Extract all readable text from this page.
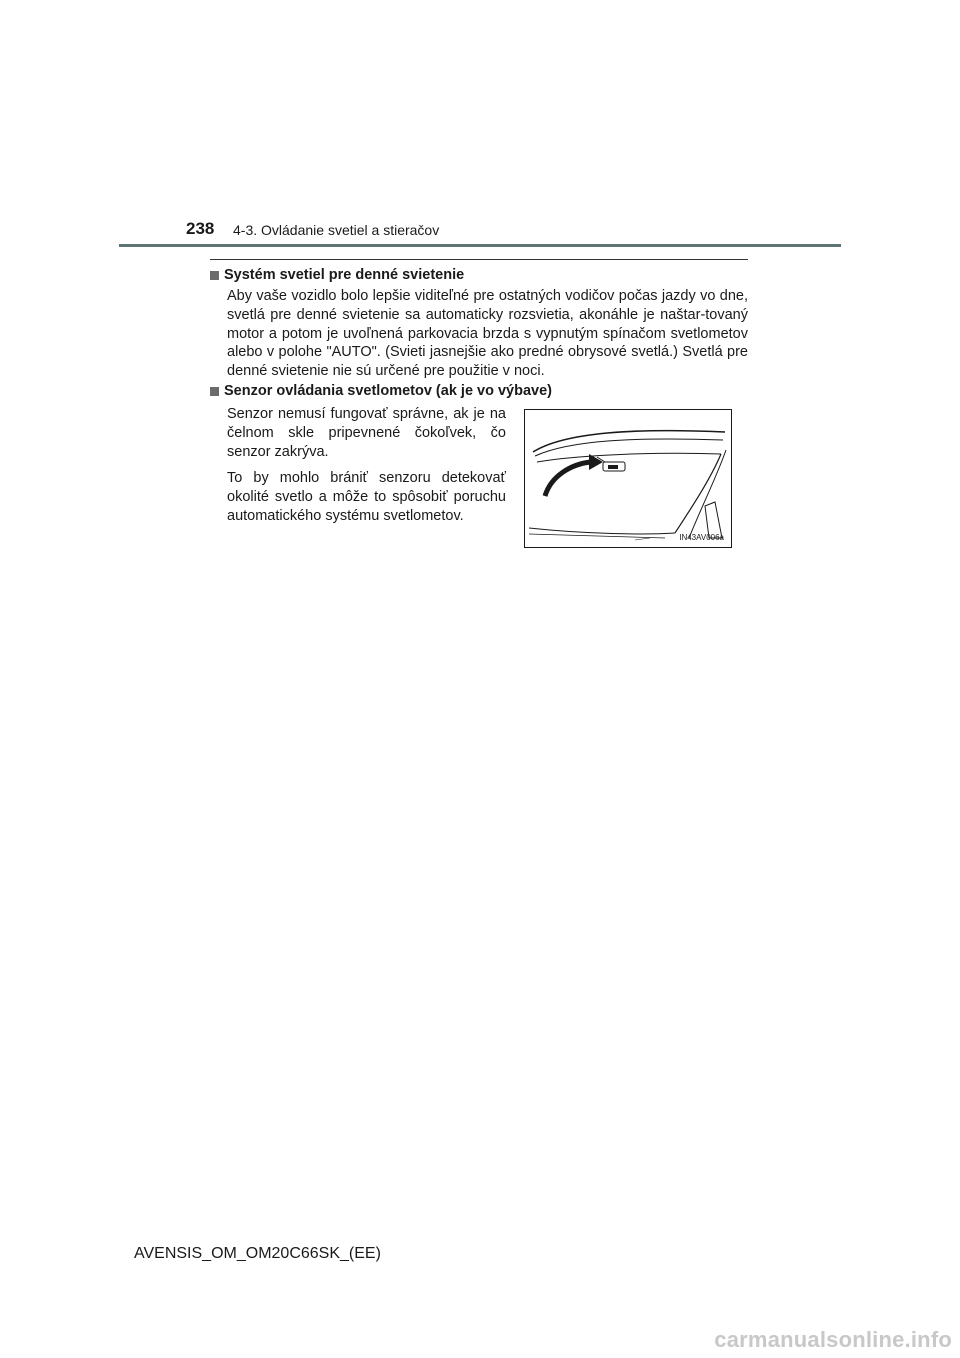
238 4-3. Ovládanie svetiel a stieračov
Systém svetiel pre denné svietenie

Aby vaše vozidlo bolo lepšie viditeľné pre ostatných vodičov počas jazdy vo dne, svetlá pre denné svietenie sa automaticky rozsvietia, akonáhle je naštar-tovaný motor a potom je uvoľnená parkovacia brzda s vypnutým spínačom svetlometov alebo v polohe "AUTO". (Svieti jasnejšie ako predné obrysové svetlá.) Svetlá pre denné svietenie nie sú určené pre použitie v noci.

Senzor ovládania svetlometov (ak je vo výbave)

Senzor nemusí fungovať správne, ak je na čelnom skle pripevnené čokoľvek, čo senzor zakrýva.

To by mohlo brániť senzoru detekovať okolité svetlo a môže to spôsobiť poruchu automatického systému svetlometov.

IN43AV006a
AVENSIS_OM_OM20C66SK_(EE)
carmanualsonline.info
